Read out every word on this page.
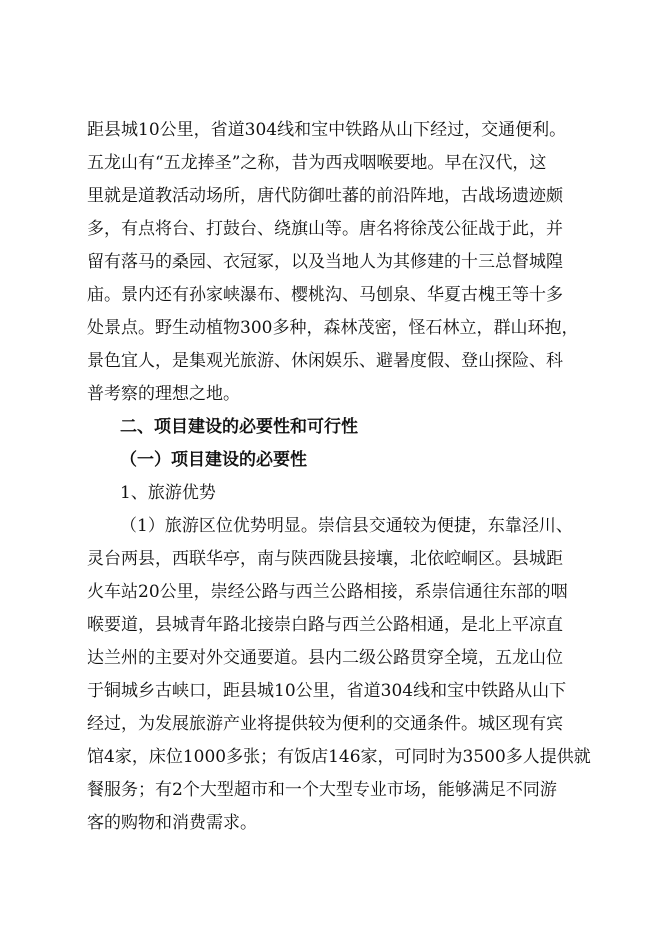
距县城10公里，省道304线和宝中铁路从山下经过，交通便利。
五龙山有“五龙捧圣”之称，昔为西戎咽喉要地。早在汉代，这
里就是道教活动场所，唐代防御吐蕃的前沿阵地，古战场遗迹颇
多，有点将台、打鼓台、绕旗山等。唐名将徐茂公征战于此，并
留有落马的桑园、衣冠冢，以及当地人为其修建的十三总督城隍
庙。景内还有孙家峡瀑布、樱桃沟、马刨泉、华夏古槐王等十多
处景点。野生动植物300多种，森林茂密，怪石林立，群山环抱，
景色宜人，是集观光旅游、休闲娱乐、避暑度假、登山探险、科
普考察的理想之地。
二、项目建设的必要性和可行性
（一）项目建设的必要性
1、旅游优势
（1）旅游区位优势明显。崇信县交通较为便捷，东靠泾川、
灵台两县，西联华亭，南与陕西陇县接壤，北依崆峒区。县城距
火车站20公里，崇经公路与西兰公路相接，系崇信通往东部的咽
喉要道，县城青年路北接崇白路与西兰公路相通，是北上平凉直
达兰州的主要对外交通要道。县内二级公路贯穿全境，五龙山位
于铜城乡古峡口，距县城10公里，省道304线和宝中铁路从山下
经过，为发展旅游产业将提供较为便利的交通条件。城区现有宾
馆4家，床位1000多张；有饭店146家，可同时为3500多人提供就
餐服务；有2个大型超市和一个大型专业市场，能够满足不同游
客的购物和消费需求。
